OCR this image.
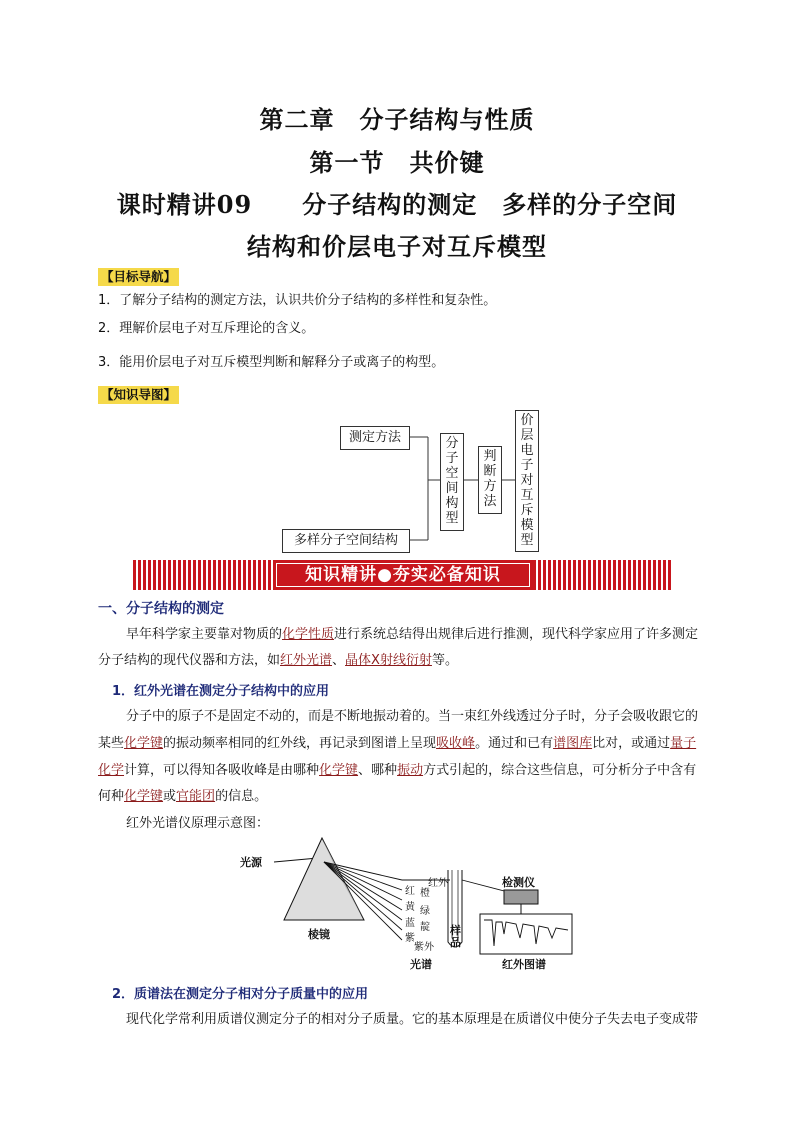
第二章　分子结构与性质
第一节　共价键
课时精讲09　　分子结构的测定　多样的分子空间
结构和价层电子对互斥模型
【目标导航】
1．了解分子结构的测定方法，认识共价分子结构的多样性和复杂性。
2．理解价层电子对互斥理论的含义。
3．能用价层电子对互斥模型判断和解释分子或离子的构型。
【知识导图】
测定方法
多样分子空间结构
分
子
空
间
构
型
判
断
方
法
价
层
电
子
对
互
斥
模
型
知识精讲●夯实必备知识
一、分子结构的测定
早年科学家主要靠对物质的化学性质进行系统总结得出规律后进行推测，现代科学家应用了许多测定
分子结构的现代仪器和方法，如红外光谱、晶体X射线衍射等。
1．红外光谱在测定分子结构中的应用
分子中的原子不是固定不动的，而是不断地振动着的。当一束红外线透过分子时，分子会吸收跟它的
某些化学键的振动频率相同的红外线，再记录到图谱上呈现吸收峰。通过和已有谱图库比对，或通过量子
化学计算，可以得知各吸收峰是由哪种化学键、哪种振动方式引起的，综合这些信息，可分析分子中含有
何种化学键或官能团的信息。
红外光谱仪原理示意图：
光源
棱镜
红外
红 橙
黄 绿
蓝 靛
紫
紫外
样
品
光谱
检测仪
红外图谱
2．质谱法在测定分子相对分子质量中的应用
现代化学常利用质谱仪测定分子的相对分子质量。它的基本原理是在质谱仪中使分子失去电子变成带
